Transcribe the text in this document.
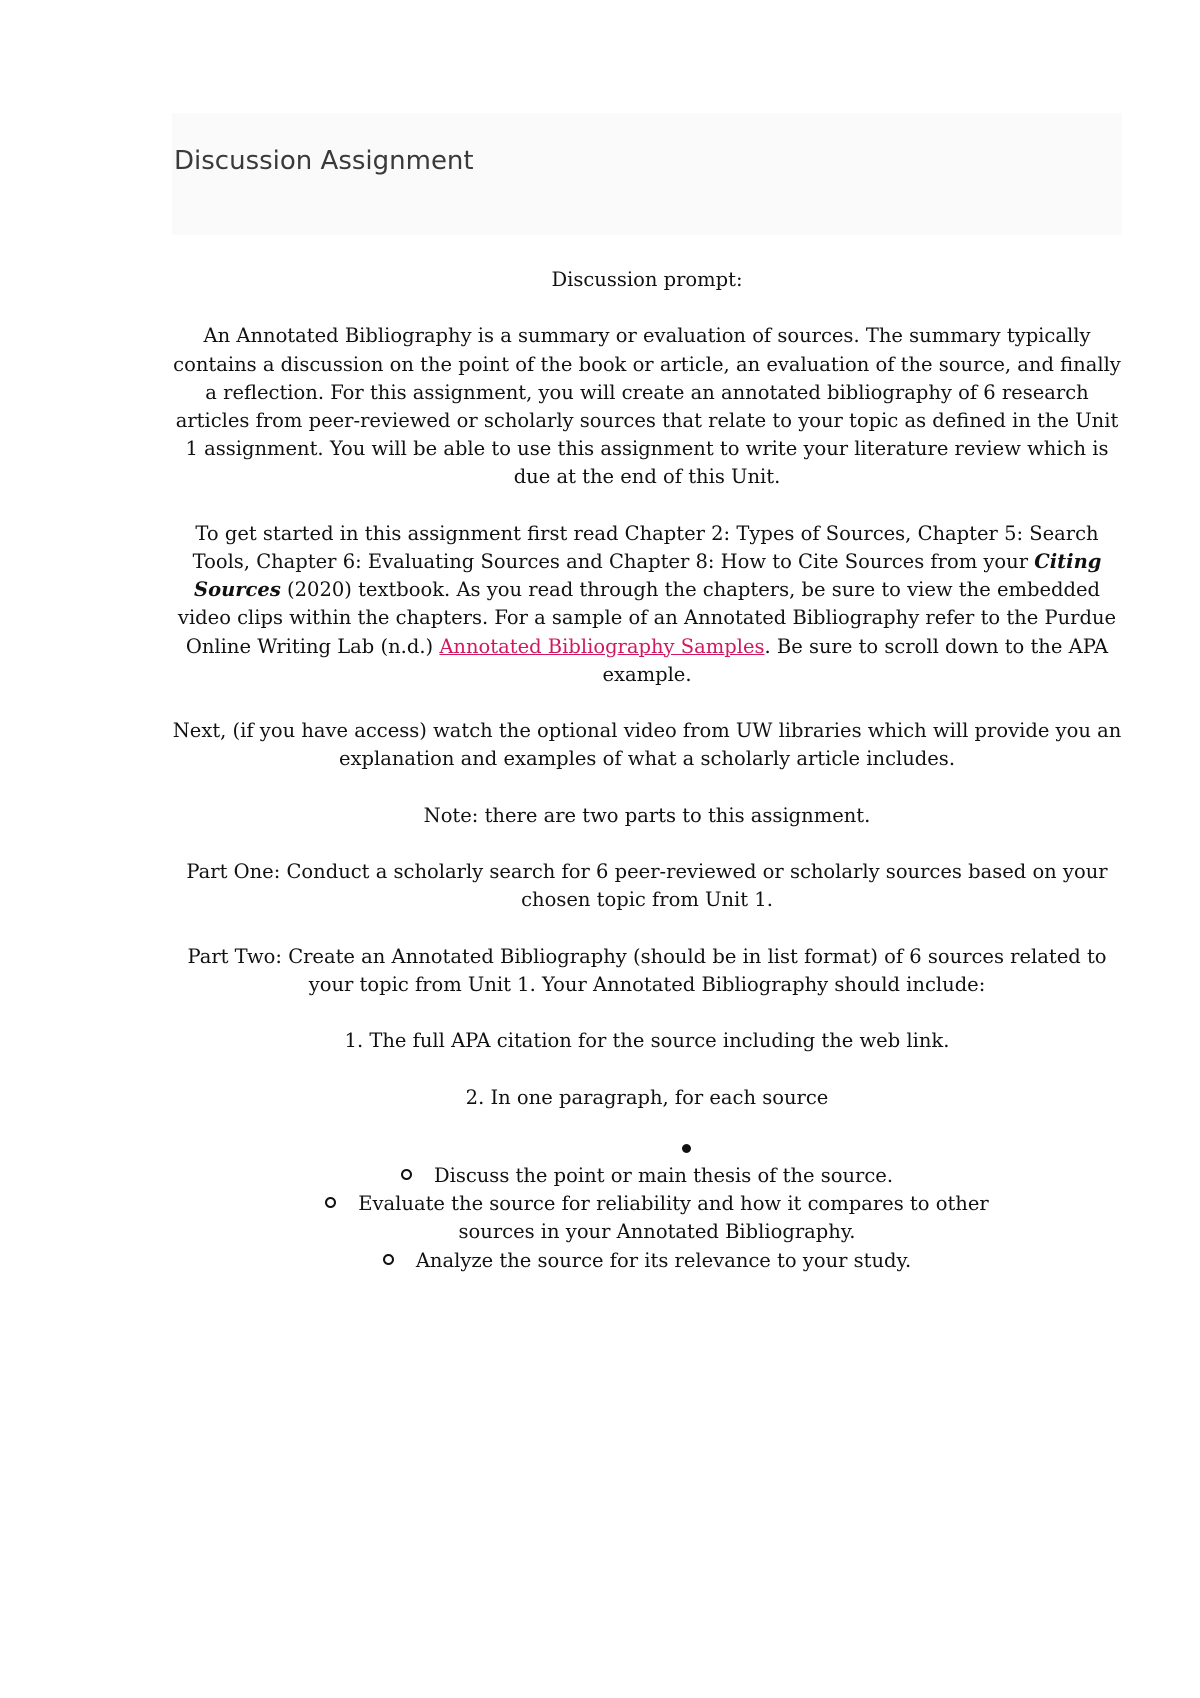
Discussion Assignment

Discussion prompt:

An Annotated Bibliography is a summary or evaluation of sources. The summary typically contains a discussion on the point of the book or article, an evaluation of the source, and finally a reflection. For this assignment, you will create an annotated bibliography of 6 research articles from peer-reviewed or scholarly sources that relate to your topic as defined in the Unit 1 assignment. You will be able to use this assignment to write your literature review which is due at the end of this Unit.

To get started in this assignment first read Chapter 2: Types of Sources, Chapter 5: Search Tools, Chapter 6: Evaluating Sources and Chapter 8: How to Cite Sources from your Citing Sources (2020) textbook. As you read through the chapters, be sure to view the embedded video clips within the chapters. For a sample of an Annotated Bibliography refer to the Purdue Online Writing Lab (n.d.) Annotated Bibliography Samples. Be sure to scroll down to the APA example.

Next, (if you have access) watch the optional video from UW libraries which will provide you an explanation and examples of what a scholarly article includes.

Note: there are two parts to this assignment.

Part One: Conduct a scholarly search for 6 peer-reviewed or scholarly sources based on your chosen topic from Unit 1.

Part Two: Create an Annotated Bibliography (should be in list format) of 6 sources related to your topic from Unit 1. Your Annotated Bibliography should include:

1. The full APA citation for the source including the web link.

2. In one paragraph, for each source

Discuss the point or main thesis of the source.
Evaluate the source for reliability and how it compares to other sources in your Annotated Bibliography.
Analyze the source for its relevance to your study.
